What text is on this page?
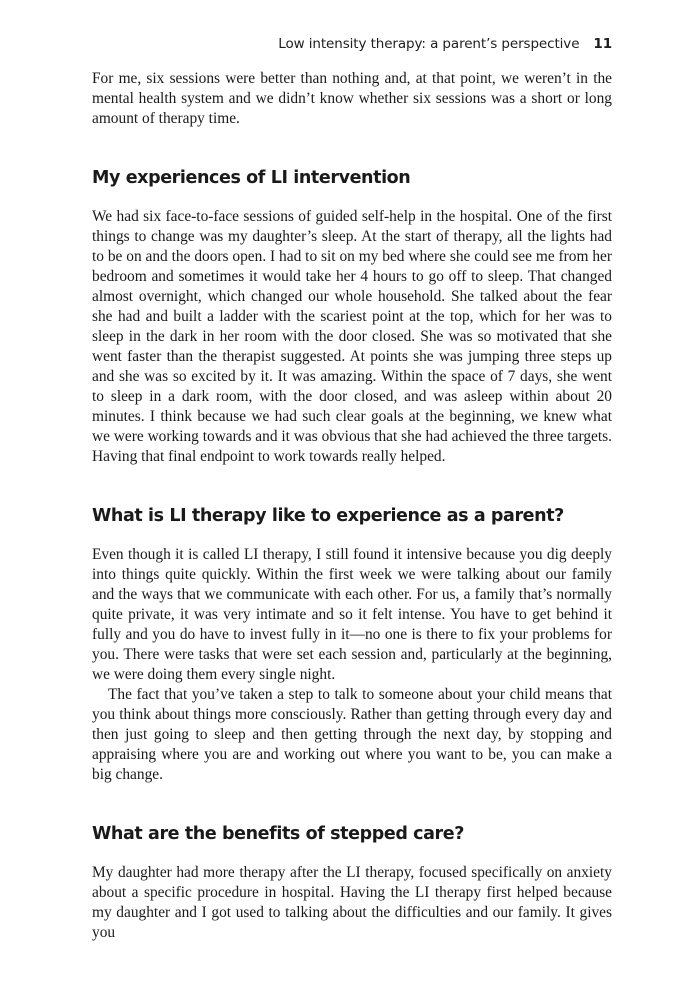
Low intensity therapy: a parent’s perspective 11

For me, six sessions were better than nothing and, at that point, we weren’t in the mental health system and we didn’t know whether six sessions was a short or long amount of therapy time.

My experiences of LI intervention

We had six face-to-face sessions of guided self-help in the hospital. One of the first things to change was my daughter’s sleep. At the start of therapy, all the lights had to be on and the doors open. I had to sit on my bed where she could see me from her bedroom and sometimes it would take her 4 hours to go off to sleep. That changed almost overnight, which changed our whole household. She talked about the fear she had and built a ladder with the scariest point at the top, which for her was to sleep in the dark in her room with the door closed. She was so motivated that she went faster than the therapist suggested. At points she was jumping three steps up and she was so excited by it. It was amazing. Within the space of 7 days, she went to sleep in a dark room, with the door closed, and was asleep within about 20 minutes. I think because we had such clear goals at the beginning, we knew what we were working towards and it was obvious that she had achieved the three targets. Having that final endpoint to work towards really helped.

What is LI therapy like to experience as a parent?

Even though it is called LI therapy, I still found it intensive because you dig deeply into things quite quickly. Within the first week we were talking about our family and the ways that we communicate with each other. For us, a family that’s normally quite private, it was very intimate and so it felt intense. You have to get behind it fully and you do have to invest fully in it—no one is there to fix your problems for you. There were tasks that were set each session and, particularly at the beginning, we were doing them every single night.

The fact that you’ve taken a step to talk to someone about your child means that you think about things more consciously. Rather than getting through every day and then just going to sleep and then getting through the next day, by stopping and appraising where you are and working out where you want to be, you can make a big change.

What are the benefits of stepped care?

My daughter had more therapy after the LI therapy, focused specifically on anxiety about a specific procedure in hospital. Having the LI therapy first helped because my daughter and I got used to talking about the difficulties and our family. It gives you
